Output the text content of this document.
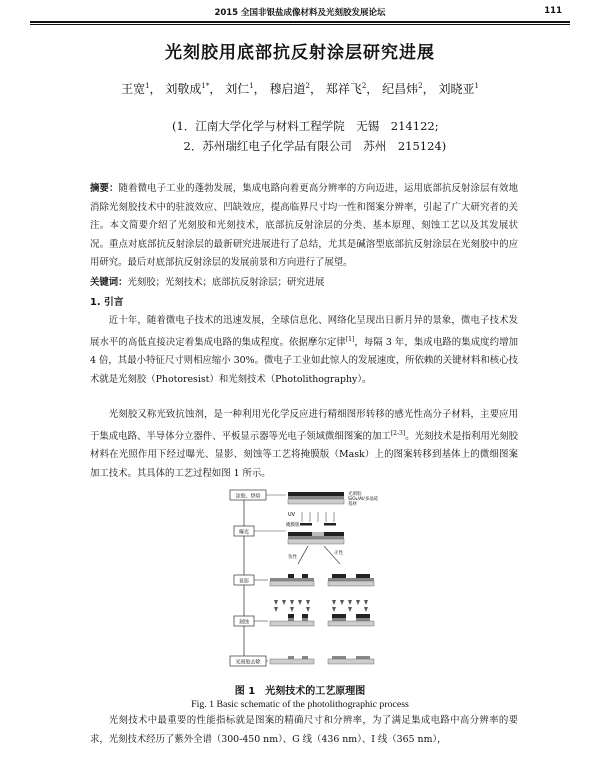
2015 全国非银盐成像材料及光刻胶发展论坛	111
光刻胶用底部抗反射涂层研究进展
王宽$^1$， 刘敬成$^{1*}$， 刘仁$^1$， 穆启道$^2$， 郑祥飞$^2$， 纪昌炜$^2$， 刘晓亚$^1$
(1．江南大学化学与材料工程学院　无锡　214122;
　2．苏州瑞红电子化学品有限公司　苏州　215124)
摘要：随着微电子工业的蓬勃发展，集成电路向着更高分辨率的方向迈进，运用底部抗反射涂层有效地消除光刻胶技术中的驻波效应、凹缺效应，提高临界尺寸均一性和图案分辨率，引起了广大研究者的关注。本文简要介绍了光刻胶和光刻技术，底部抗反射涂层的分类、基本原理、刻蚀工艺以及其发展状况。重点对底部抗反射涂层的最新研究进展进行了总结，尤其是碱溶型底部抗反射涂层在光刻胶中的应用研究。最后对底部抗反射涂层的发展前景和方向进行了展望。
关键词：光刻胶；光刻技术；底部抗反射涂层；研究进展
1. 引言
近十年，随着微电子技术的迅速发展，全球信息化、网络化呈现出日新月异的景象，微电子技术发展水平的高低直接决定着集成电路的集成程度。依据摩尔定律[1]，每隔 3 年，集成电路的集成度约增加 4 倍，其最小特征尺寸则相应缩小 30%。微电子工业如此惊人的发展速度，所依赖的关键材料和核心技术就是光刻胶（Photoresist）和光刻技术（Photolithography）。
光刻胶又称光致抗蚀剂，是一种利用光化学反应进行精细图形转移的感光性高分子材料，主要应用于集成电路、半导体分立器件、平板显示器等光电子领域微细图案的加工[2-3]。光刻技术是指利用光刻胶材料在光照作用下经过曝光、显影、刻蚀等工艺将掩膜版（Mask）上的图案转移到基体上的微细图案加工技术。其具体的工艺过程如图 1 所示。
涂胶、烘焙
曝光
显影
刻蚀
光刻胶去除
光刻胶
SiO₂/Al/多晶硅
基材
UV
掩膜版
负性
正性
图 1　光刻技术的工艺原理图
Fig. 1 Basic schematic of the photolithographic process
光刻技术中最重要的性能指标就是图案的精确尺寸和分辨率，为了满足集成电路中高分辨率的要求，光刻技术经历了紫外全谱（300-450 nm）、G 线（436 nm）、I 线（365 nm），
